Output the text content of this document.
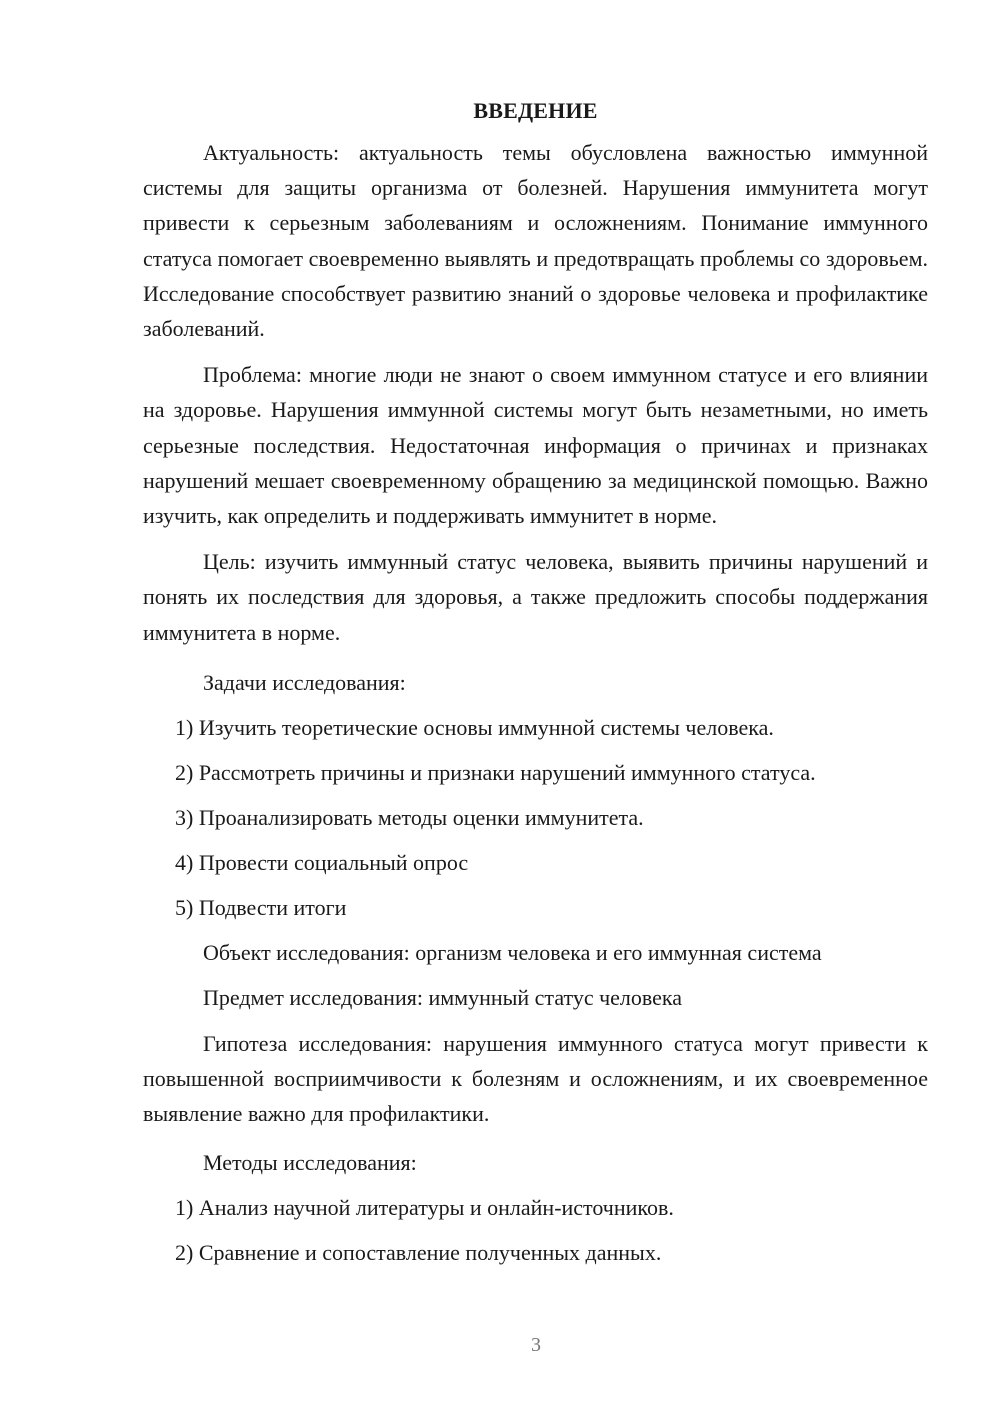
ВВЕДЕНИЕ

Актуальность: актуальность темы обусловлена важностью иммунной системы для защиты организма от болезней. Нарушения иммунитета могут привести к серьезным заболеваниям и осложнениям. Понимание иммунного статуса помогает своевременно выявлять и предотвращать проблемы со здоровьем. Исследование способствует развитию знаний о здоровье человека и профилактике заболеваний.

Проблема: многие люди не знают о своем иммунном статусе и его влиянии на здоровье. Нарушения иммунной системы могут быть незаметными, но иметь серьезные последствия. Недостаточная информация о причинах и признаках нарушений мешает своевременному обращению за медицинской помощью. Важно изучить, как определить и поддерживать иммунитет в норме.

Цель: изучить иммунный статус человека, выявить причины нарушений и понять их последствия для здоровья, а также предложить способы поддержания иммунитета в норме.

Задачи исследования:

1) Изучить теоретические основы иммунной системы человека.

2) Рассмотреть причины и признаки нарушений иммунного статуса.

3) Проанализировать методы оценки иммунитета.

4) Провести социальный опрос

5) Подвести итоги

Объект исследования: организм человека и его иммунная система

Предмет исследования: иммунный статус человека

Гипотеза исследования: нарушения иммунного статуса могут привести к повышенной восприимчивости к болезням и осложнениям, и их своевременное выявление важно для профилактики.

Методы исследования:

1) Анализ научной литературы и онлайн-источников.

2) Сравнение и сопоставление полученных данных.

3
